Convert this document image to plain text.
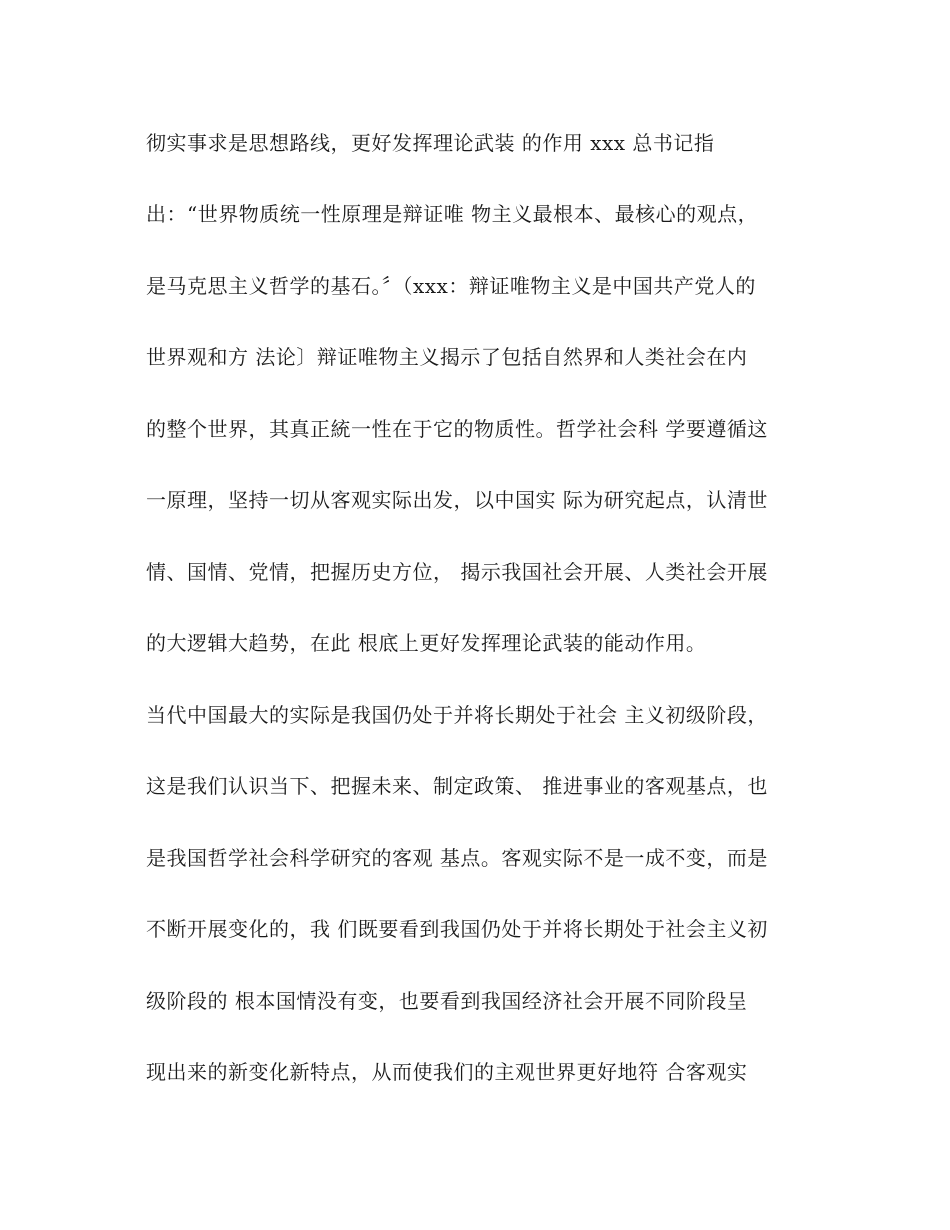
彻实事求是思想路线，更好发挥理论武装 的作用 xxx 总书记指
出：“世界物质统一性原理是辩证唯 物主义最根本、最核心的观点，
是马克思主义哲学的基石。〞（xxx：辩证唯物主义是中国共产党人的
世界观和方 法论〕辩证唯物主义揭示了包括自然界和人类社会在内
的整个世界，其真正統一性在于它的物质性。哲学社会科 学要遵循这
一原理，坚持一切从客观实际出发，以中国实 际为研究起点，认清世
情、国情、党情，把握历史方位， 揭示我国社会开展、人类社会开展
的大逻辑大趋势，在此 根底上更好发挥理论武装的能动作用。
当代中国最大的实际是我国仍处于并将长期处于社会 主义初级阶段，
这是我们认识当下、把握未来、制定政策、 推进事业的客观基点，也
是我国哲学社会科学研究的客观 基点。客观实际不是一成不变，而是
不断开展变化的，我 们既要看到我国仍处于并将长期处于社会主义初
级阶段的 根本国情没有变，也要看到我国经济社会开展不同阶段呈
现出来的新变化新特点，从而使我们的主观世界更好地符 合客观实
